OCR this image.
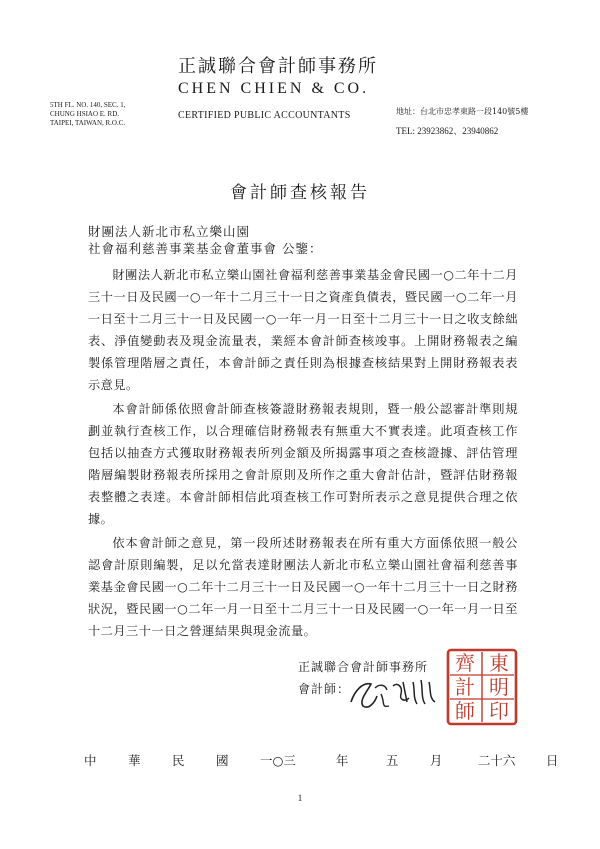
正誠聯合會計師事務所
CHEN CHIEN & CO.
CERTIFIED PUBLIC ACCOUNTANTS
5TH FL. NO. 140, SEC. 1,
CHUNG HSIAO E. RD.
TAIPEI, TAIWAN, R.O.C.
地址：台北市忠孝東路一段140號5樓
TEL: 23923862、23940862
會計師查核報告
財團法人新北市私立樂山園
社會福利慈善事業基金會董事會 公鑒：

財團法人新北市私立樂山園社會福利慈善事業基金會民國一○二年十二月三十一日及民國一○一年十二月三十一日之資產負債表，暨民國一○二年一月一日至十二月三十一日及民國一○一年一月一日至十二月三十一日之收支餘絀表、淨值變動表及現金流量表，業經本會計師查核竣事。上開財務報表之編製係管理階層之責任，本會計師之責任則為根據查核結果對上開財務報表表示意見。

本會計師係依照會計師查核簽證財務報表規則，暨一般公認審計準則規劃並執行查核工作，以合理確信財務報表有無重大不實表達。此項查核工作包括以抽查方式獲取財務報表所列金額及所揭露事項之查核證據、評估管理階層編製財務報表所採用之會計原則及所作之重大會計估計，暨評估財務報表整體之表達。本會計師相信此項查核工作可對所表示之意見提供合理之依據。

依本會計師之意見，第一段所述財務報表在所有重大方面係依照一般公認會計原則編製，足以允當表達財團法人新北市私立樂山園社會福利慈善事業基金會民國一○二年十二月三十一日及民國一○一年十二月三十一日之財務狀況，暨民國一○二年一月一日至十二月三十一日及民國一○一年一月一日至十二月三十一日之營運結果與現金流量。

正誠聯合會計師事務所
會計師：
東
明
印
齊
計
師
中	華	民	國	一○三	年	五	月	二十六 日
1
